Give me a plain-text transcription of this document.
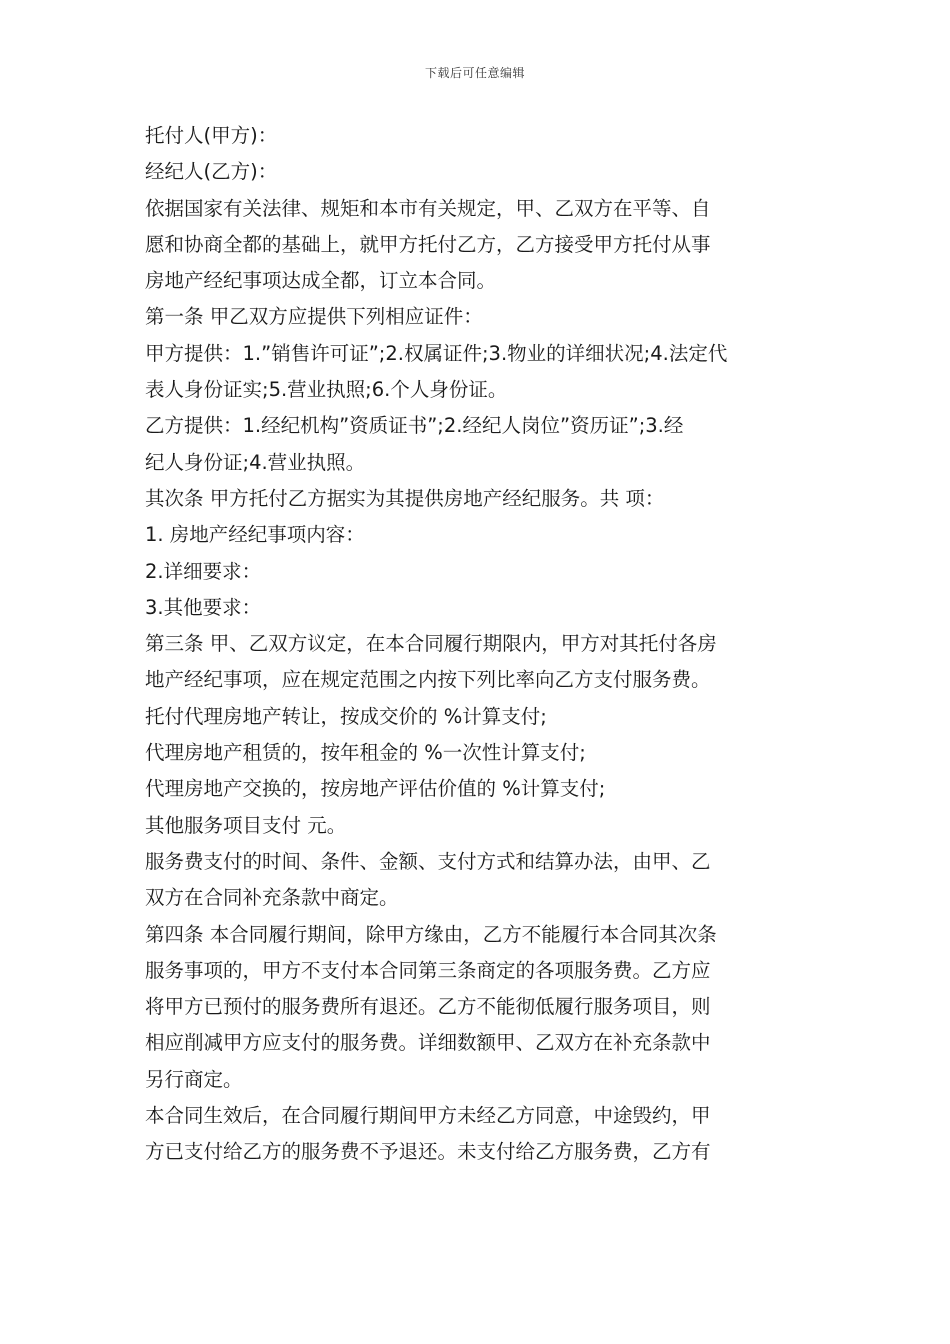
下载后可任意编辑
托付人(甲方)：
经纪人(乙方)：
依据国家有关法律、规矩和本市有关规定，甲、乙双方在平等、自
愿和协商全都的基础上，就甲方托付乙方，乙方接受甲方托付从事
房地产经纪事项达成全都，订立本合同。
第一条 甲乙双方应提供下列相应证件：
甲方提供：1.”销售许可证”;2.权属证件;3.物业的详细状况;4.法定代
表人身份证实;5.营业执照;6.个人身份证。
乙方提供：1.经纪机构”资质证书”;2.经纪人岗位”资历证”;3.经
纪人身份证;4.营业执照。
其次条 甲方托付乙方据实为其提供房地产经纪服务。共 项：
1. 房地产经纪事项内容：
2.详细要求：
3.其他要求：
第三条 甲、乙双方议定，在本合同履行期限内，甲方对其托付各房
地产经纪事项，应在规定范围之内按下列比率向乙方支付服务费。
托付代理房地产转让，按成交价的 %计算支付;
代理房地产租赁的，按年租金的 %一次性计算支付;
代理房地产交换的，按房地产评估价值的 %计算支付;
其他服务项目支付 元。
服务费支付的时间、条件、金额、支付方式和结算办法，由甲、乙
双方在合同补充条款中商定。
第四条 本合同履行期间，除甲方缘由，乙方不能履行本合同其次条
服务事项的，甲方不支付本合同第三条商定的各项服务费。乙方应
将甲方已预付的服务费所有退还。乙方不能彻低履行服务项目，则
相应削减甲方应支付的服务费。详细数额甲、乙双方在补充条款中
另行商定。
本合同生效后，在合同履行期间甲方未经乙方同意，中途毁约，甲
方已支付给乙方的服务费不予退还。未支付给乙方服务费，乙方有
